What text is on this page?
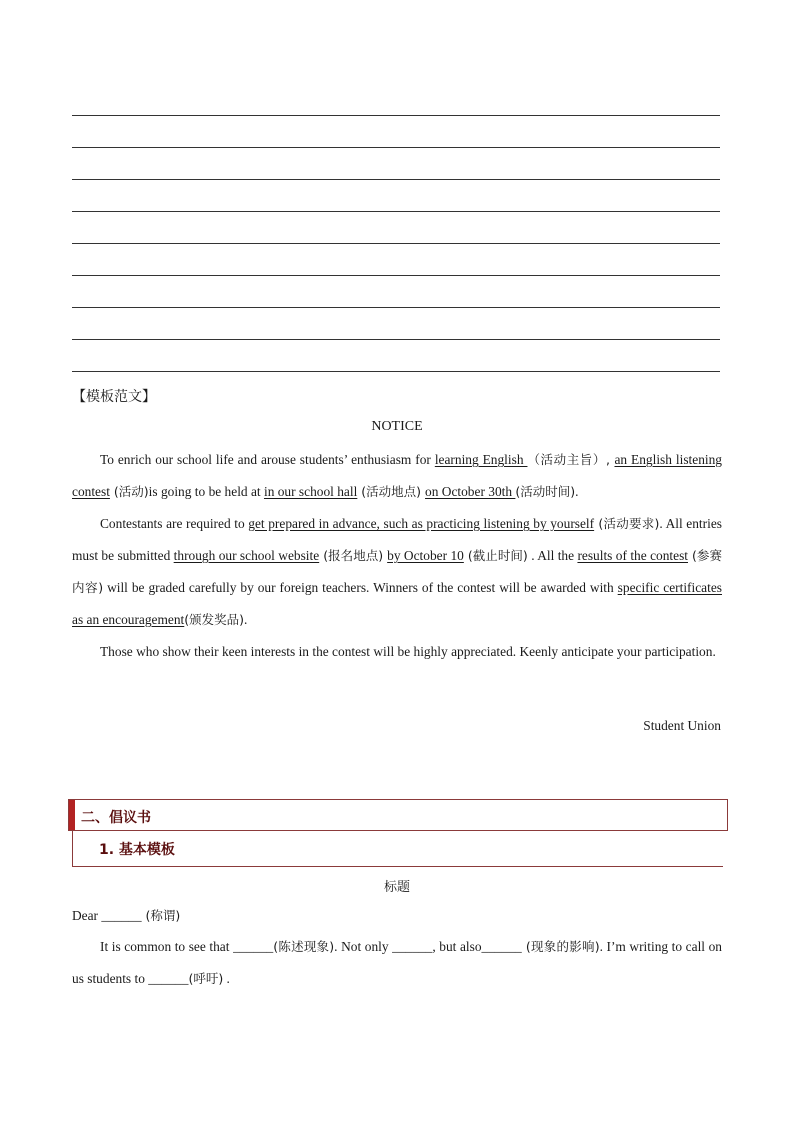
【模板范文】
NOTICE
To enrich our school life and arouse students’ enthusiasm for learning English （活动主旨）, an English listening contest (活动)is going to be held at in our school hall (活动地点) on October 30th (活动时间).
Contestants are required to get prepared in advance, such as practicing listening by yourself (活动要求). All entries must be submitted through our school website (报名地点) by October 10 (截止时间) . All the results of the contest (参赛内容) will be graded carefully by our foreign teachers. Winners of the contest will be awarded with specific certificates as an encouragement(颁发奖品).
Those who show their keen interests in the contest will be highly appreciated. Keenly anticipate your participation.
Student Union
二、倡议书
1. 基本模板
标题
Dear ______ (称谓)
It is common to see that ______(陈述现象). Not only ______, but also______ (现象的影响). I’m writing to call on us students to ______(呼吁) .
